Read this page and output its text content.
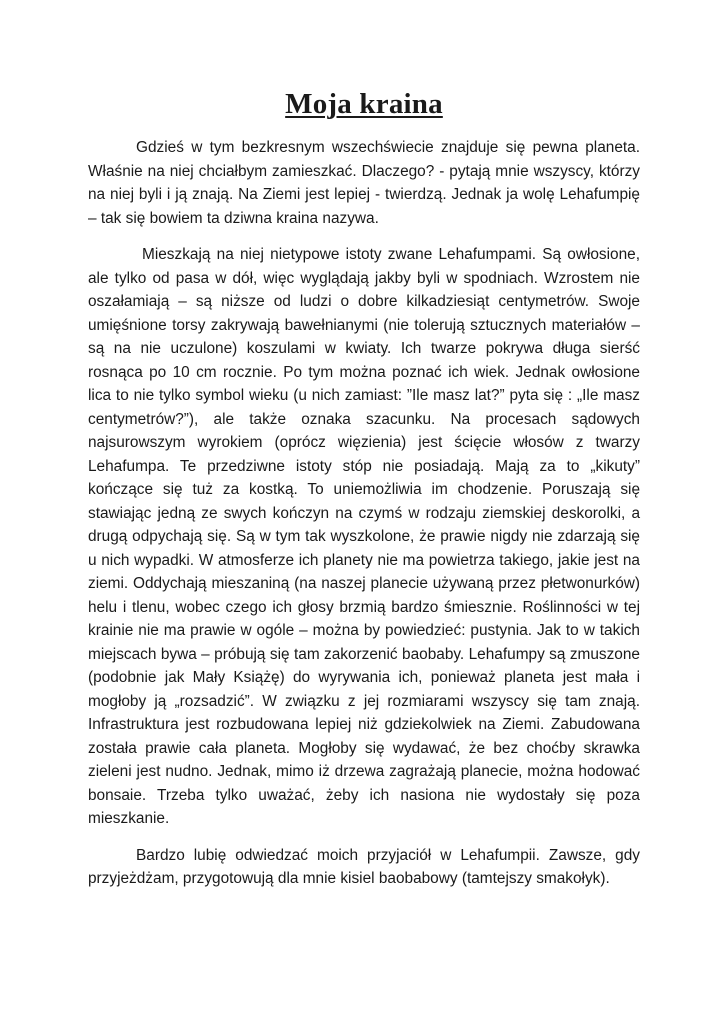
Moja kraina

Gdzieś w tym bezkresnym wszechświecie znajduje się pewna planeta. Właśnie na niej chciałbym zamieszkać. Dlaczego? - pytają mnie wszyscy, którzy na niej byli i ją znają. Na Ziemi jest lepiej - twierdzą. Jednak ja wolę Lehafumpię – tak się bowiem ta dziwna kraina nazywa.

Mieszkają na niej nietypowe istoty zwane Lehafumpami. Są owłosione, ale tylko od pasa w dół, więc wyglądają jakby byli w spodniach. Wzrostem nie oszałamiają – są niższe od ludzi o dobre kilkadziesiąt centymetrów. Swoje umięśnione torsy zakrywają bawełnianymi (nie tolerują sztucznych materiałów – są na nie uczulone) koszulami w kwiaty. Ich twarze pokrywa długa sierść rosnąca po 10 cm rocznie. Po tym można poznać ich wiek. Jednak owłosione lica to nie tylko symbol wieku (u nich zamiast: ”Ile masz lat?” pyta się : „Ile masz centymetrów?”), ale także oznaka szacunku. Na procesach sądowych najsurowszym wyrokiem (oprócz więzienia) jest ścięcie włosów z twarzy Lehafumpa. Te przedziwne istoty stóp nie posiadają. Mają za to „kikuty” kończące się tuż za kostką. To uniemożliwia im chodzenie. Poruszają się stawiając jedną ze swych kończyn na czymś w rodzaju ziemskiej deskorolki, a drugą odpychają się. Są w tym tak wyszkolone, że prawie nigdy nie zdarzają się u nich wypadki. W atmosferze ich planety nie ma powietrza takiego, jakie jest na ziemi. Oddychają mieszaniną (na naszej planecie używaną przez płetwonurków) helu i tlenu, wobec czego ich głosy brzmią bardzo śmiesznie. Roślinności w tej krainie nie ma prawie w ogóle – można by powiedzieć: pustynia. Jak to w takich miejscach bywa – próbują się tam zakorzenić baobaby. Lehafumpy są zmuszone (podobnie jak Mały Książę) do wyrywania ich, ponieważ planeta jest mała i mogłoby ją „rozsadzić”. W związku z jej rozmiarami wszyscy się tam znają. Infrastruktura jest rozbudowana lepiej niż gdziekolwiek na Ziemi. Zabudowana została prawie cała planeta. Mogłoby się wydawać, że bez choćby skrawka zieleni jest nudno. Jednak, mimo iż drzewa zagrażają planecie, można hodować bonsaie. Trzeba tylko uważać, żeby ich nasiona nie wydostały się poza mieszkanie.

Bardzo lubię odwiedzać moich przyjaciół w Lehafumpii. Zawsze, gdy przyjeżdżam, przygotowują dla mnie kisiel baobabowy (tamtejszy smakołyk).
